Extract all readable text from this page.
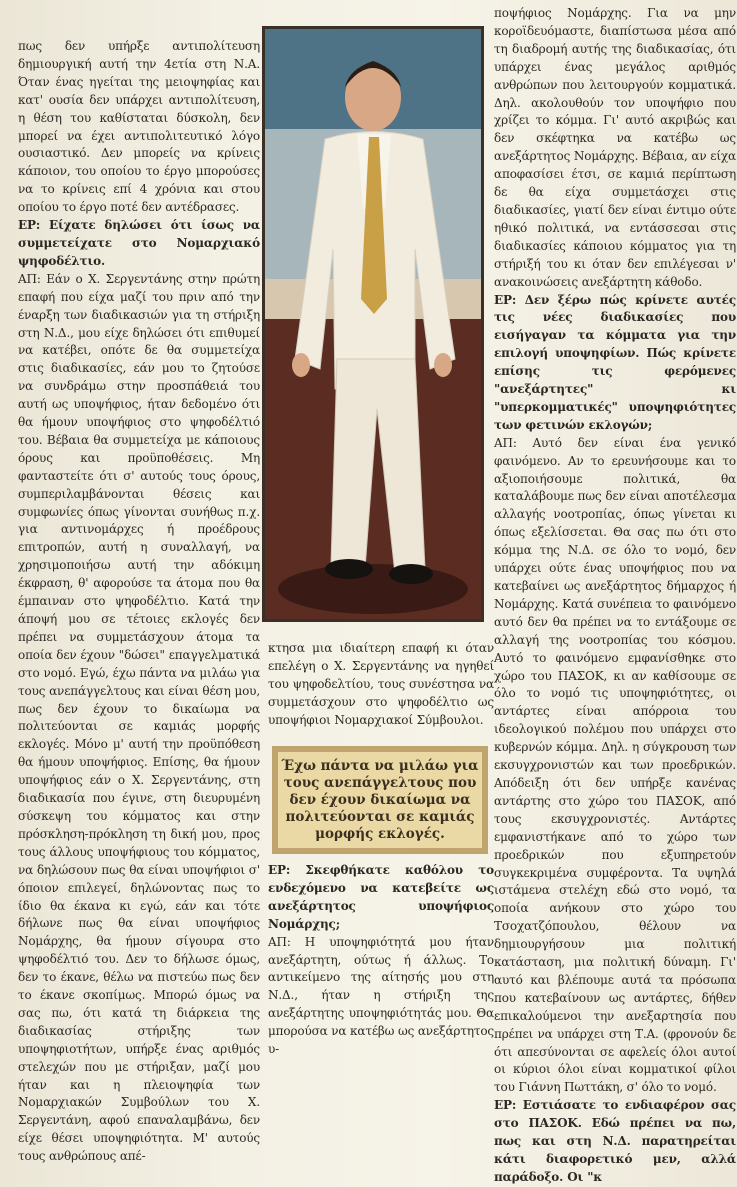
πως δεν υπήρξε αντιπολίτευση δημιουργική αυτή την 4ετία στη Ν.Α. Όταν ένας ηγείται της μειοψηφίας και κατ' ουσία δεν υπάρχει αντιπολίτευση, η θέση του καθίσταται δύσκολη, δεν μπορεί να έχει αντιπολιτευτικό λόγο ουσιαστικό. Δεν μπορείς να κρίνεις κάποιον, του οποίου το έργο μπορούσες να το κρίνεις επί 4 χρόνια και στου οποίου το έργο ποτέ δεν αντέδρασες.

ΕΡ: Είχατε δηλώσει ότι ίσως να συμμετείχατε στο Νομαρχιακό ψηφοδέλτιο.

ΑΠ: Εάν ο Χ. Σεργεντάνης στην πρώτη επαφή που είχα μαζί του πριν από την έναρξη των διαδικασιών για τη στήριξη στη Ν.Δ., μου είχε δηλώσει ότι επιθυμεί να κατέβει, οπότε δε θα συμμετείχα στις διαδικασίες, εάν μου το ζητούσε να συνδράμω στην προσπάθειά του αυτή ως υποψήφιος, ήταν δεδομένο ότι θα ήμουν υποψήφιος στο ψηφοδέλτιό του. Βέβαια θα συμμετείχα με κάποιους όρους και προϋποθέσεις. Μη φανταστείτε ότι σ' αυτούς τους όρους, συμπεριλαμβάνονται θέσεις και συμφωνίες όπως γίνονται συνήθως π.χ. για αντινομάρχες ή προέδρους επιτροπών, αυτή η συναλλαγή, να χρησιμοποιήσω αυτή την αδόκιμη έκφραση, θ' αφορούσε τα άτομα που θα έμπαιναν στο ψηφοδέλτιο. Κατά την άποψή μου σε τέτοιες εκλογές δεν πρέπει να συμμετάσχουν άτομα τα οποία δεν έχουν "δώσει" επαγγελματικά στο νομό. Εγώ, έχω πάντα να μιλάω για τους ανεπάγγελτους και είναι θέση μου, πως δεν έχουν το δικαίωμα να πολιτεύονται σε καμιάς μορφής εκλογές. Μόνο μ' αυτή την προϋπόθεση θα ήμουν υποψήφιος. Επίσης, θα ήμουν υποψήφιος εάν ο Χ. Σεργεντάνης, στη διαδικασία που έγινε, στη διευρυμένη σύσκεψη του κόμματος και στην πρόσκληση-πρόκληση τη δική μου, προς τους άλλους υποψήφιους του κόμματος, να δηλώσουν πως θα είναι υποψήφιοι σ' όποιον επιλεγεί, δηλώνοντας πως το ίδιο θα έκανα κι εγώ, εάν και τότε δήλωνε πως θα είναι υποψήφιος Νομάρχης, θα ήμουν σίγουρα στο ψηφοδέλτιό του. Δεν το δήλωσε όμως, δεν το έκανε, θέλω να πιστεύω πως δεν το έκανε σκοπίμως. Μπορώ όμως να σας πω, ότι κατά τη διάρκεια της διαδικασίας στήριξης των υποψηφιοτήτων, υπήρξε ένας αριθμός στελεχών που με στήριξαν, μαζί μου ήταν και η πλειοψηφία των Νομαρχιακών Συμβούλων του Χ. Σεργεντάνη, αφού επαναλαμβάνω, δεν είχε θέσει υποψηφιότητα. Μ' αυτούς τους ανθρώπους απέ-

κτησα μια ιδιαίτερη επαφή κι όταν επελέγη ο Χ. Σεργεντάνης να ηγηθεί του ψηφοδελτίου, τους συνέστησα να συμμετάσχουν στο ψηφοδέλτιο ως υποψήφιοι Νομαρχιακοί Σύμβουλοι.

Έχω πάντα να μιλάω για τους ανεπάγγελτους που δεν έχουν δικαίωμα να πολιτεύονται σε καμιάς μορφής εκλογές.

ΕΡ: Σκεφθήκατε καθόλου το ενδεχόμενο να κατεβείτε ως ανεξάρτητος υποψήφιος Νομάρχης;

ΑΠ: Η υποψηφιότητά μου ήταν ανεξάρτητη, ούτως ή άλλως. Το αντικείμενο της αίτησής μου στη Ν.Δ., ήταν η στήριξη της ανεξάρτητης υποψηφιότητάς μου. Θα μπορούσα να κατέβω ως ανεξάρτητος υ-

ποψήφιος Νομάρχης. Για να μην κοροϊδευόμαστε, διαπίστωσα μέσα από τη διαδρομή αυτής της διαδικασίας, ότι υπάρχει ένας μεγάλος αριθμός ανθρώπων που λειτουργούν κομματικά. Δηλ. ακολουθούν τον υποψήφιο που χρίζει το κόμμα. Γι' αυτό ακριβώς και δεν σκέφτηκα να κατέβω ως ανεξάρτητος Νομάρχης. Βέβαια, αν είχα αποφασίσει έτσι, σε καμιά περίπτωση δε θα είχα συμμετάσχει στις διαδικασίες, γιατί δεν είναι έντιμο ούτε ηθικό πολιτικά, να εντάσσεσαι στις διαδικασίες κάποιου κόμματος για τη στήριξή του κι όταν δεν επιλέγεσαι ν' ανακοινώσεις ανεξάρτητη κάθοδο.

ΕΡ: Δεν ξέρω πώς κρίνετε αυτές τις νέες διαδικασίες που εισήγαγαν τα κόμματα για την επιλογή υποψηφίων. Πώς κρίνετε επίσης τις φερόμενες "ανεξάρτητες" κι "υπερκομματικές" υποψηφιότητες των φετινών εκλογών;

ΑΠ: Αυτό δεν είναι ένα γενικό φαινόμενο. Αν το ερευνήσουμε και το αξιοποιήσουμε πολιτικά, θα καταλάβουμε πως δεν είναι αποτέλεσμα αλλαγής νοοτροπίας, όπως γίνεται κι όπως εξελίσσεται. Θα σας πω ότι στο κόμμα της Ν.Δ. σε όλο το νομό, δεν υπάρχει ούτε ένας υποψήφιος που να κατεβαίνει ως ανεξάρτητος δήμαρχος ή Νομάρχης. Κατά συνέπεια το φαινόμενο αυτό δεν θα πρέπει να το εντάξουμε σε αλλαγή της νοοτροπίας του κόσμου. Αυτό το φαινόμενο εμφανίσθηκε στο χώρο του ΠΑΣΟΚ, κι αν καθίσουμε σε όλο το νομό τις υποψηφιότητες, οι αντάρτες είναι απόρροια του ιδεολογικού πολέμου που υπάρχει στο κυβερνών κόμμα. Δηλ. η σύγκρουση των εκσυγχρονιστών και των προεδρικών. Απόδειξη ότι δεν υπήρξε κανένας αντάρτης στο χώρο του ΠΑΣΟΚ, από τους εκσυγχρονιστές. Αντάρτες εμφανιστήκανε από το χώρο των προεδρικών που εξυπηρετούν συγκεκριμένα συμφέροντα. Τα υψηλά ιστάμενα στελέχη εδώ στο νομό, τα οποία ανήκουν στο χώρο του Τσοχατζόπουλου, θέλουν να δημιουργήσουν μια πολιτική κατάσταση, μια πολιτική δύναμη. Γι' αυτό και βλέπουμε αυτά τα πρόσωπα που κατεβαίνουν ως αντάρτες, δήθεν επικαλούμενοι την ανεξαρτησία που πρέπει να υπάρχει στη Τ.Α. (φρονούν δε ότι απεσύνονται σε αφελείς όλοι αυτοί οι κύριοι όλοι είναι κομματικοί φίλοι του Γιάννη Πωττάκη, σ' όλο το νομό.

ΕΡ: Εστιάσατε το ενδιαφέρον σας στο ΠΑΣΟΚ. Εδώ πρέπει να πω, πως και στη Ν.Δ. παρατηρείται κάτι διαφορετικό μεν, αλλά παράδοξο. Οι "κ
